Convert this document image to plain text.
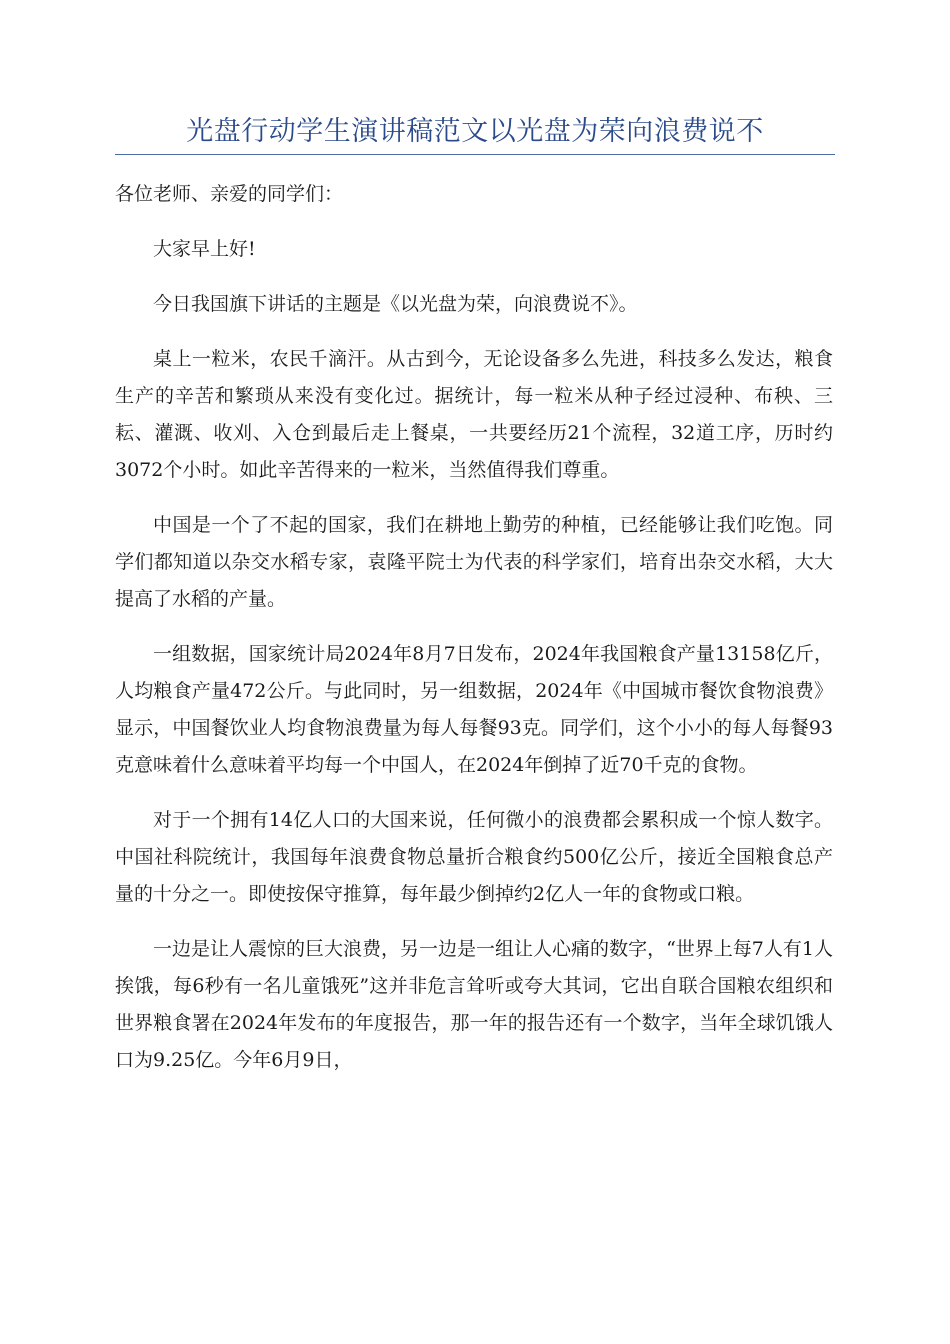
光盘行动学生演讲稿范文以光盘为荣向浪费说不

各位老师、亲爱的同学们：

大家早上好!

今日我国旗下讲话的主题是《以光盘为荣，向浪费说不》。

桌上一粒米，农民千滴汗。从古到今，无论设备多么先进，科技多么发达，粮食生产的辛苦和繁琐从来没有变化过。据统计，每一粒米从种子经过浸种、布秧、三耘、灌溉、收刈、入仓到最后走上餐桌，一共要经历21个流程，32道工序，历时约3072个小时。如此辛苦得来的一粒米，当然值得我们尊重。

中国是一个了不起的国家，我们在耕地上勤劳的种植，已经能够让我们吃饱。同学们都知道以杂交水稻专家，袁隆平院士为代表的科学家们，培育出杂交水稻，大大提高了水稻的产量。

一组数据，国家统计局2024年8月7日发布，2024年我国粮食产量13158亿斤，人均粮食产量472公斤。与此同时，另一组数据，2024年《中国城市餐饮食物浪费》显示，中国餐饮业人均食物浪费量为每人每餐93克。同学们，这个小小的每人每餐93克意味着什么意味着平均每一个中国人，在2024年倒掉了近70千克的食物。

对于一个拥有14亿人口的大国来说，任何微小的浪费都会累积成一个惊人数字。中国社科院统计，我国每年浪费食物总量折合粮食约500亿公斤，接近全国粮食总产量的十分之一。即使按保守推算，每年最少倒掉约2亿人一年的食物或口粮。

一边是让人震惊的巨大浪费，另一边是一组让人心痛的数字，“世界上每7人有1人挨饿，每6秒有一名儿童饿死”这并非危言耸听或夸大其词，它出自联合国粮农组织和世界粮食署在2024年发布的年度报告，那一年的报告还有一个数字，当年全球饥饿人口为9.25亿。今年6月9日，
